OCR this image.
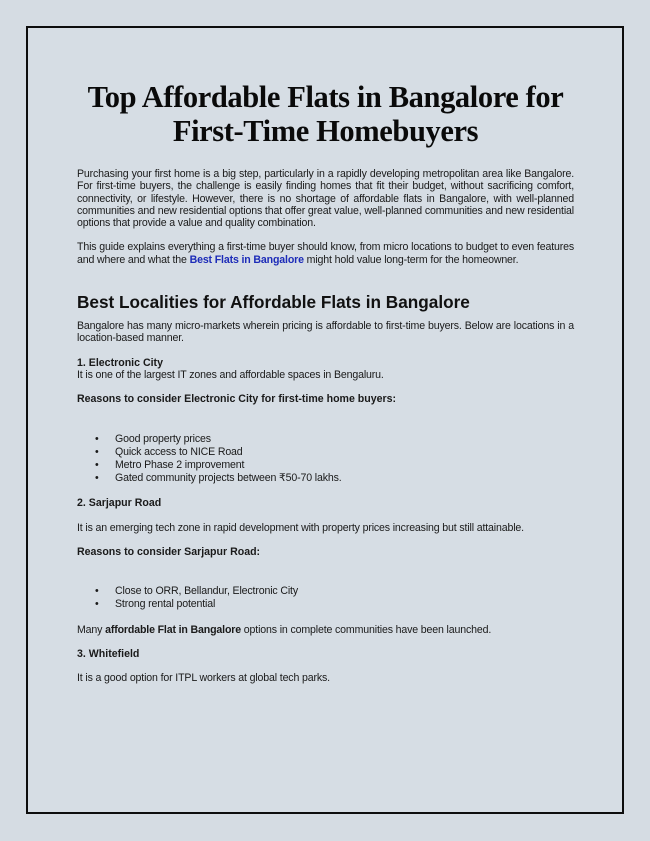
Top Affordable Flats in Bangalore for
First-Time Homebuyers

Purchasing your first home is a big step, particularly in a rapidly developing metropolitan area like Bangalore. For first-time buyers, the challenge is easily finding homes that fit their budget, without sacrificing comfort, connectivity, or lifestyle. However, there is no shortage of affordable flats in Bangalore, with well-planned communities and new residential options that offer great value, well-planned communities and new residential options that provide a value and quality combination.

This guide explains everything a first-time buyer should know, from micro locations to budget to even features and where and what the Best Flats in Bangalore might hold value long-term for the homeowner.

Best Localities for Affordable Flats in Bangalore

Bangalore has many micro-markets wherein pricing is affordable to first-time buyers. Below are locations in a location-based manner.

1. Electronic City

It is one of the largest IT zones and affordable spaces in Bengaluru.

Reasons to consider Electronic City for first-time home buyers:
• Good property prices
• Quick access to NICE Road
• Metro Phase 2 improvement
• Gated community projects between ₹50-70 lakhs.
2. Sarjapur Road

It is an emerging tech zone in rapid development with property prices increasing but still attainable.

Reasons to consider Sarjapur Road:
• Close to ORR, Bellandur, Electronic City
• Strong rental potential

Many affordable Flat in Bangalore options in complete communities have been launched.

3. Whitefield

It is a good option for ITPL workers at global tech parks.
